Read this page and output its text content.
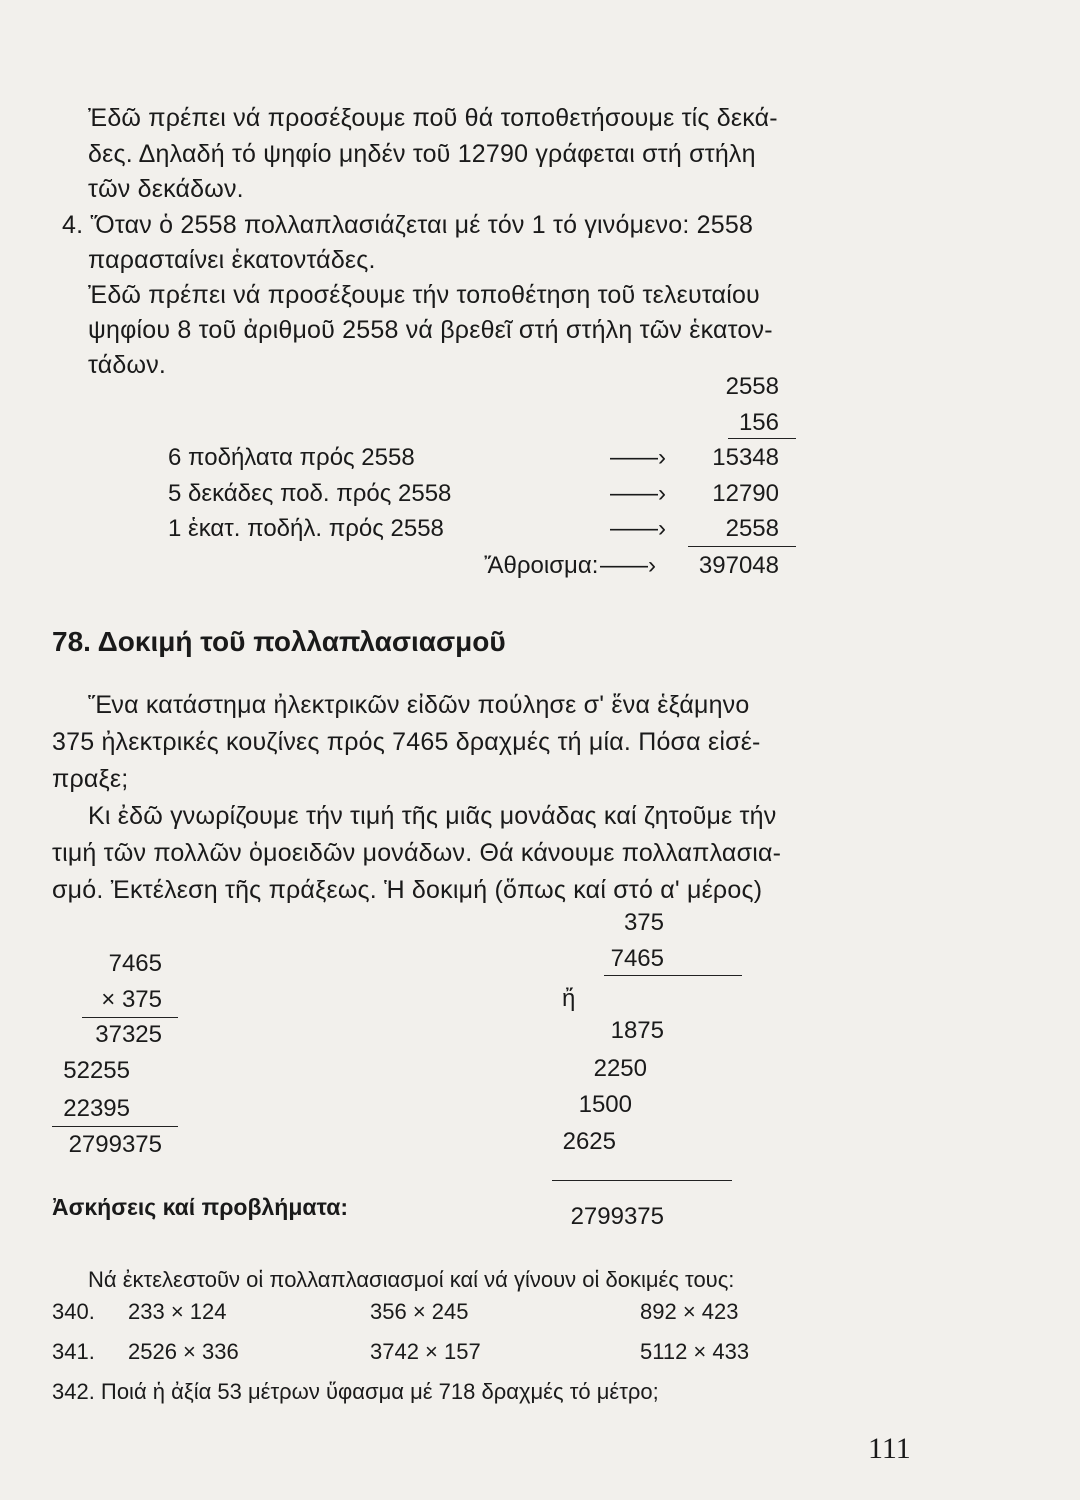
Ἐδῶ πρέπει νά προσέξουμε ποῦ θά τοποθετήσουμε τίς δεκά-
δες. Δηλαδή τό ψηφίο μηδέν τοῦ 12790 γράφεται στή στήλη
τῶν δεκάδων.
4. Ὅταν ὁ 2558 πολλαπλασιάζεται μέ τόν 1 τό γινόμενο: 2558
παρασταίνει ἑκατοντάδες.
Ἐδῶ πρέπει νά προσέξουμε τήν τοποθέτηση τοῦ τελευταίου
ψηφίου 8 τοῦ ἀριθμοῦ 2558 νά βρεθεῖ στή στήλη τῶν ἑκατον-
τάδων.
2558
156
6 ποδήλατα πρός 2558	——› 15348
5 δεκάδες ποδ. πρός 2558	——› 12790
1 ἑκατ. ποδήλ. πρός 2558	——› 2558
Ἄθροισμα: ——› 397048
78. Δοκιμή τοῦ πολλαπλασιασμοῦ
Ἕνα κατάστημα ἠλεκτρικῶν εἰδῶν πούλησε σ' ἕνα ἑξάμηνο
375 ἠλεκτρικές κουζίνες πρός 7465 δραχμές τή μία. Πόσα εἰσέ-
πραξε;
Κι ἐδῶ γνωρίζουμε τήν τιμή τῆς μιᾶς μονάδας καί ζητοῦμε τήν
τιμή τῶν πολλῶν ὁμοειδῶν μονάδων. Θά κάνουμε πολλαπλασια-
σμό. Ἐκτέλεση τῆς πράξεως. Ἡ δοκιμή (ὅπως καί στό α' μέρος)
7465
× 375
37325
52255
22395
2799375
ἤ
375
7465
1875
2250
1500
2625
2799375
Ἀσκήσεις καί προβλήματα:
Νά ἐκτελεστοῦν οἱ πολλαπλασιασμοί καί νά γίνουν οἱ δοκιμές τους:
340. 233 × 124	356 × 245	892 × 423
341. 2526 × 336	3742 × 157	5112 × 433
342. Ποιά ἡ ἀξία 53 μέτρων ὕφασμα μέ 718 δραχμές τό μέτρο;
111
